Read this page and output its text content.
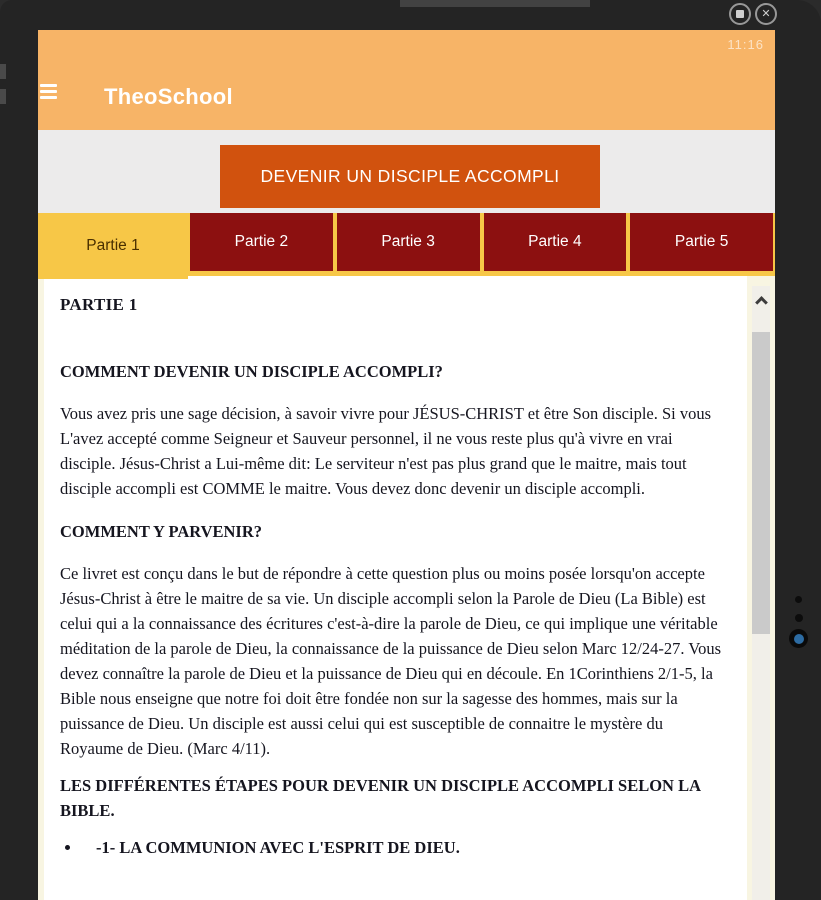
✕
11:16
TheoSchool
DEVENIR UN DISCIPLE ACCOMPLI
Partie 1	Partie 2	Partie 3	Partie 4	Partie 5
PARTIE 1
COMMENT DEVENIR UN DISCIPLE ACCOMPLI?

Vous avez pris une sage décision, à savoir vivre pour JÉSUS-CHRIST et être Son disciple. Si vous L'avez accepté comme Seigneur et Sauveur personnel, il ne vous reste plus qu'à vivre en vrai disciple. Jésus-Christ a Lui-même dit: Le serviteur n'est pas plus grand que le maitre, mais tout disciple accompli est COMME le maitre. Vous devez donc devenir un disciple accompli.

COMMENT Y PARVENIR?

Ce livret est conçu dans le but de répondre à cette question plus ou moins posée lorsqu'on accepte Jésus-Christ à être le maitre de sa vie. Un disciple accompli selon la Parole de Dieu (La Bible) est celui qui a la connaissance des écritures c'est-à-dire la parole de Dieu, ce qui implique une véritable méditation de la parole de Dieu, la connaissance de la puissance de Dieu selon Marc 12/24-27. Vous devez connaître la parole de Dieu et la puissance de Dieu qui en découle. En 1Corinthiens 2/1-5, la Bible nous enseigne que notre foi doit être fondée non sur la sagesse des hommes, mais sur la puissance de Dieu. Un disciple est aussi celui qui est susceptible de connaitre le mystère du Royaume de Dieu. (Marc 4/11).

LES DIFFÉRENTES ÉTAPES POUR DEVENIR UN DISCIPLE ACCOMPLI SELON LA BIBLE.
• -1- LA COMMUNION AVEC L'ESPRIT DE DIEU.
